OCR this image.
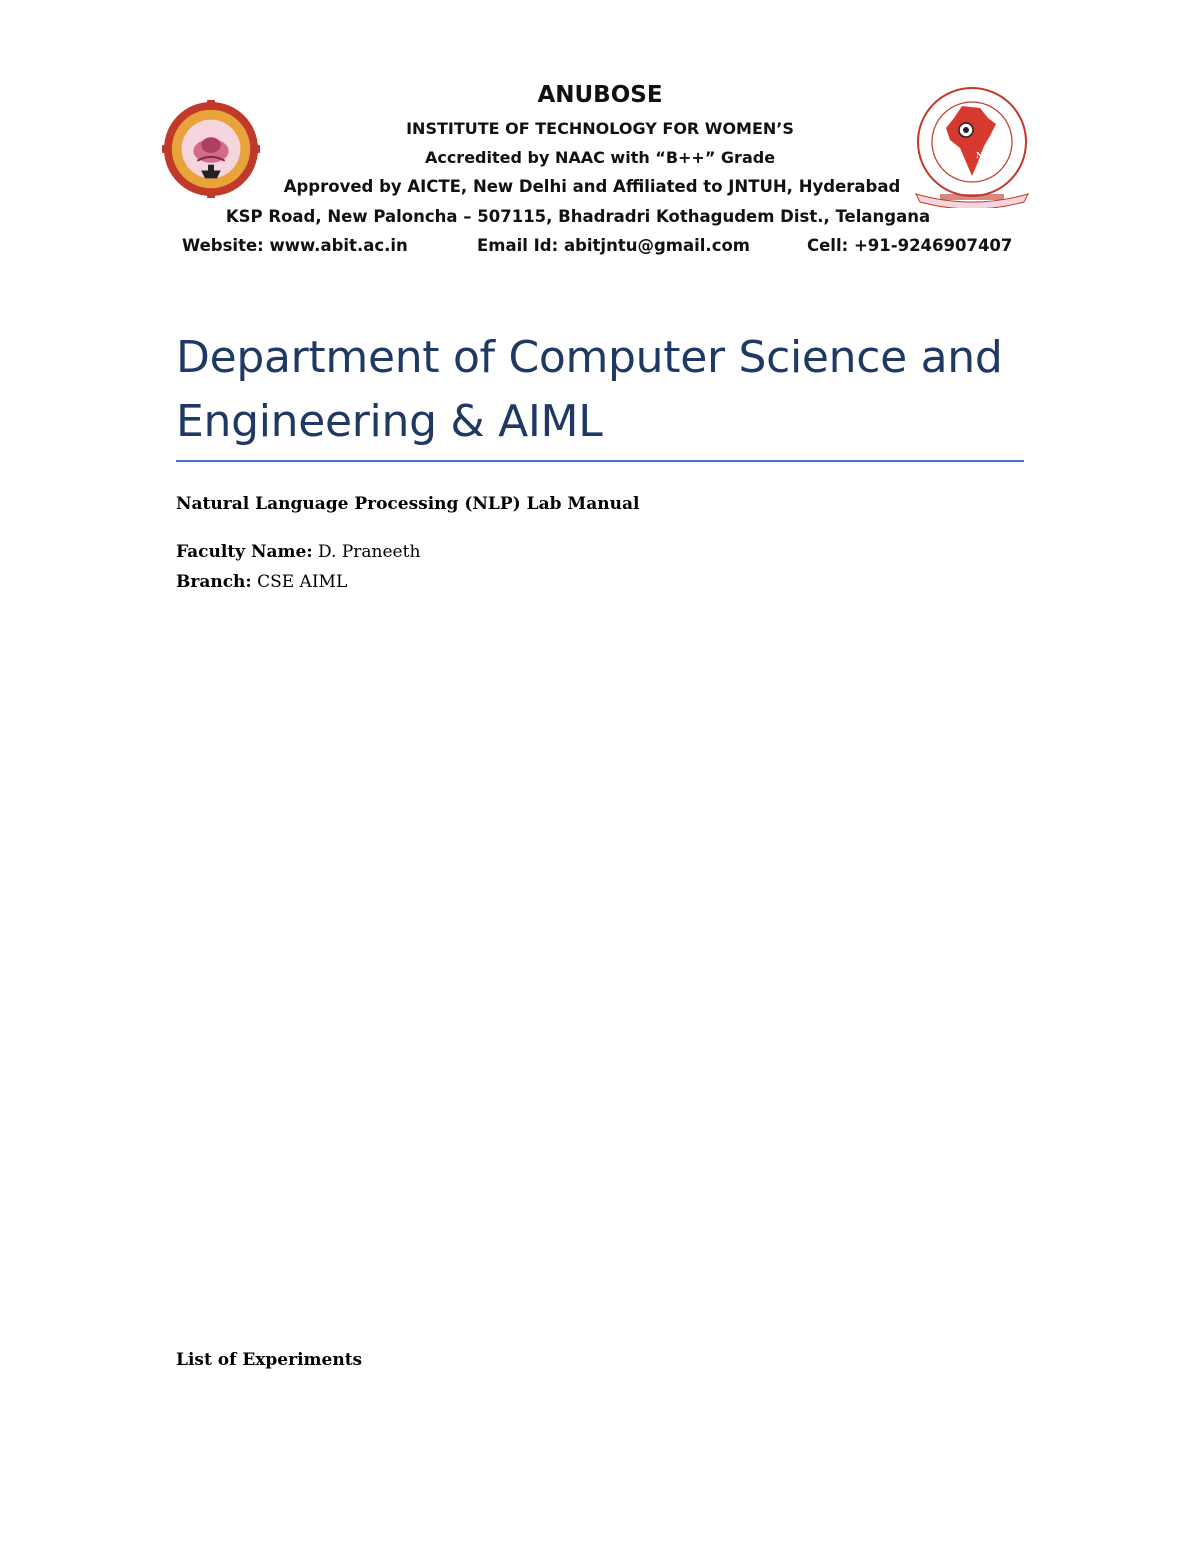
ANUBOSE
INSTITUTE OF TECHNOLOGY FOR WOMEN’S
Accredited by NAAC with “B++” Grade
Approved by AICTE, New Delhi and Affiliated to JNTUH, Hyderabad
KSP Road, New Paloncha – 507115, Bhadradri Kothagudem Dist., Telangana
Website: www.abit.ac.in	Email Id: abitjntu@gmail.com	Cell: +91-9246907407
NAAC
Department of Computer Science and
Engineering & AIML
Natural Language Processing (NLP) Lab Manual
Faculty Name: D. Praneeth
Branch: CSE AIML
List of Experiments
